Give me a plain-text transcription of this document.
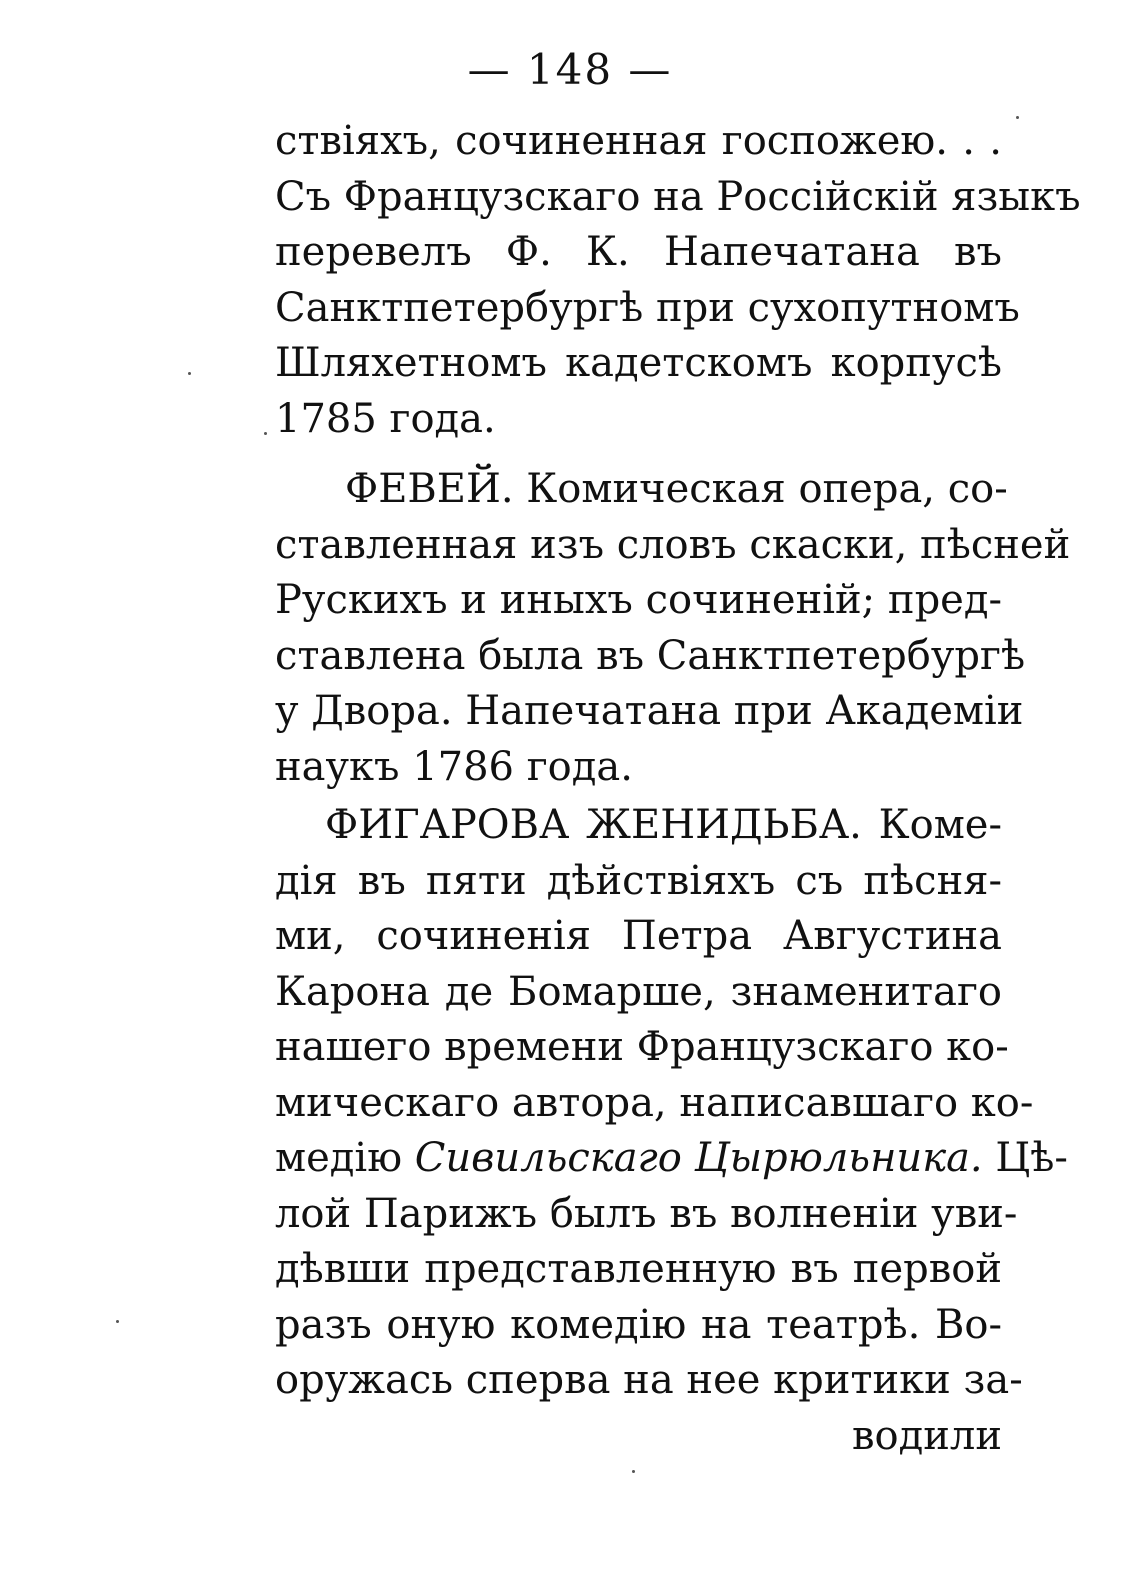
— 148 —
ствіяхъ, сочиненная госпожею. . .
Съ Французскаго на Россійскій языкъ
перевелъ Ф. К. Напечатана въ
Санктпетербургѣ при сухопутномъ
Шляхетномъ кадетскомъ корпусѣ
1785 года.
ФЕВЕЙ. Комическая опера, со-
ставленная изъ словъ скаски, пѣсней
Рускихъ и иныхъ сочиненій; пред-
ставлена была въ Санктпетербургѣ
у Двора. Напечатана при Академіи
наукъ 1786 года.
ФИГАРОВА ЖЕНИДЬБА. Коме-
дія въ пяти дѣйствіяхъ съ пѣсня-
ми, сочиненія Петра Августина
Карона де Бомарше, знаменитаго
нашего времени Французскаго ко-
мическаго автора, написавшаго ко-
медію Сивильскаго Цырюльника. Цѣ-
лой Парижъ былъ въ волненіи уви-
дѣвши представленную въ первой
разъ оную комедію на театрѣ. Во-
оружась сперва на нее критики за-
водили
